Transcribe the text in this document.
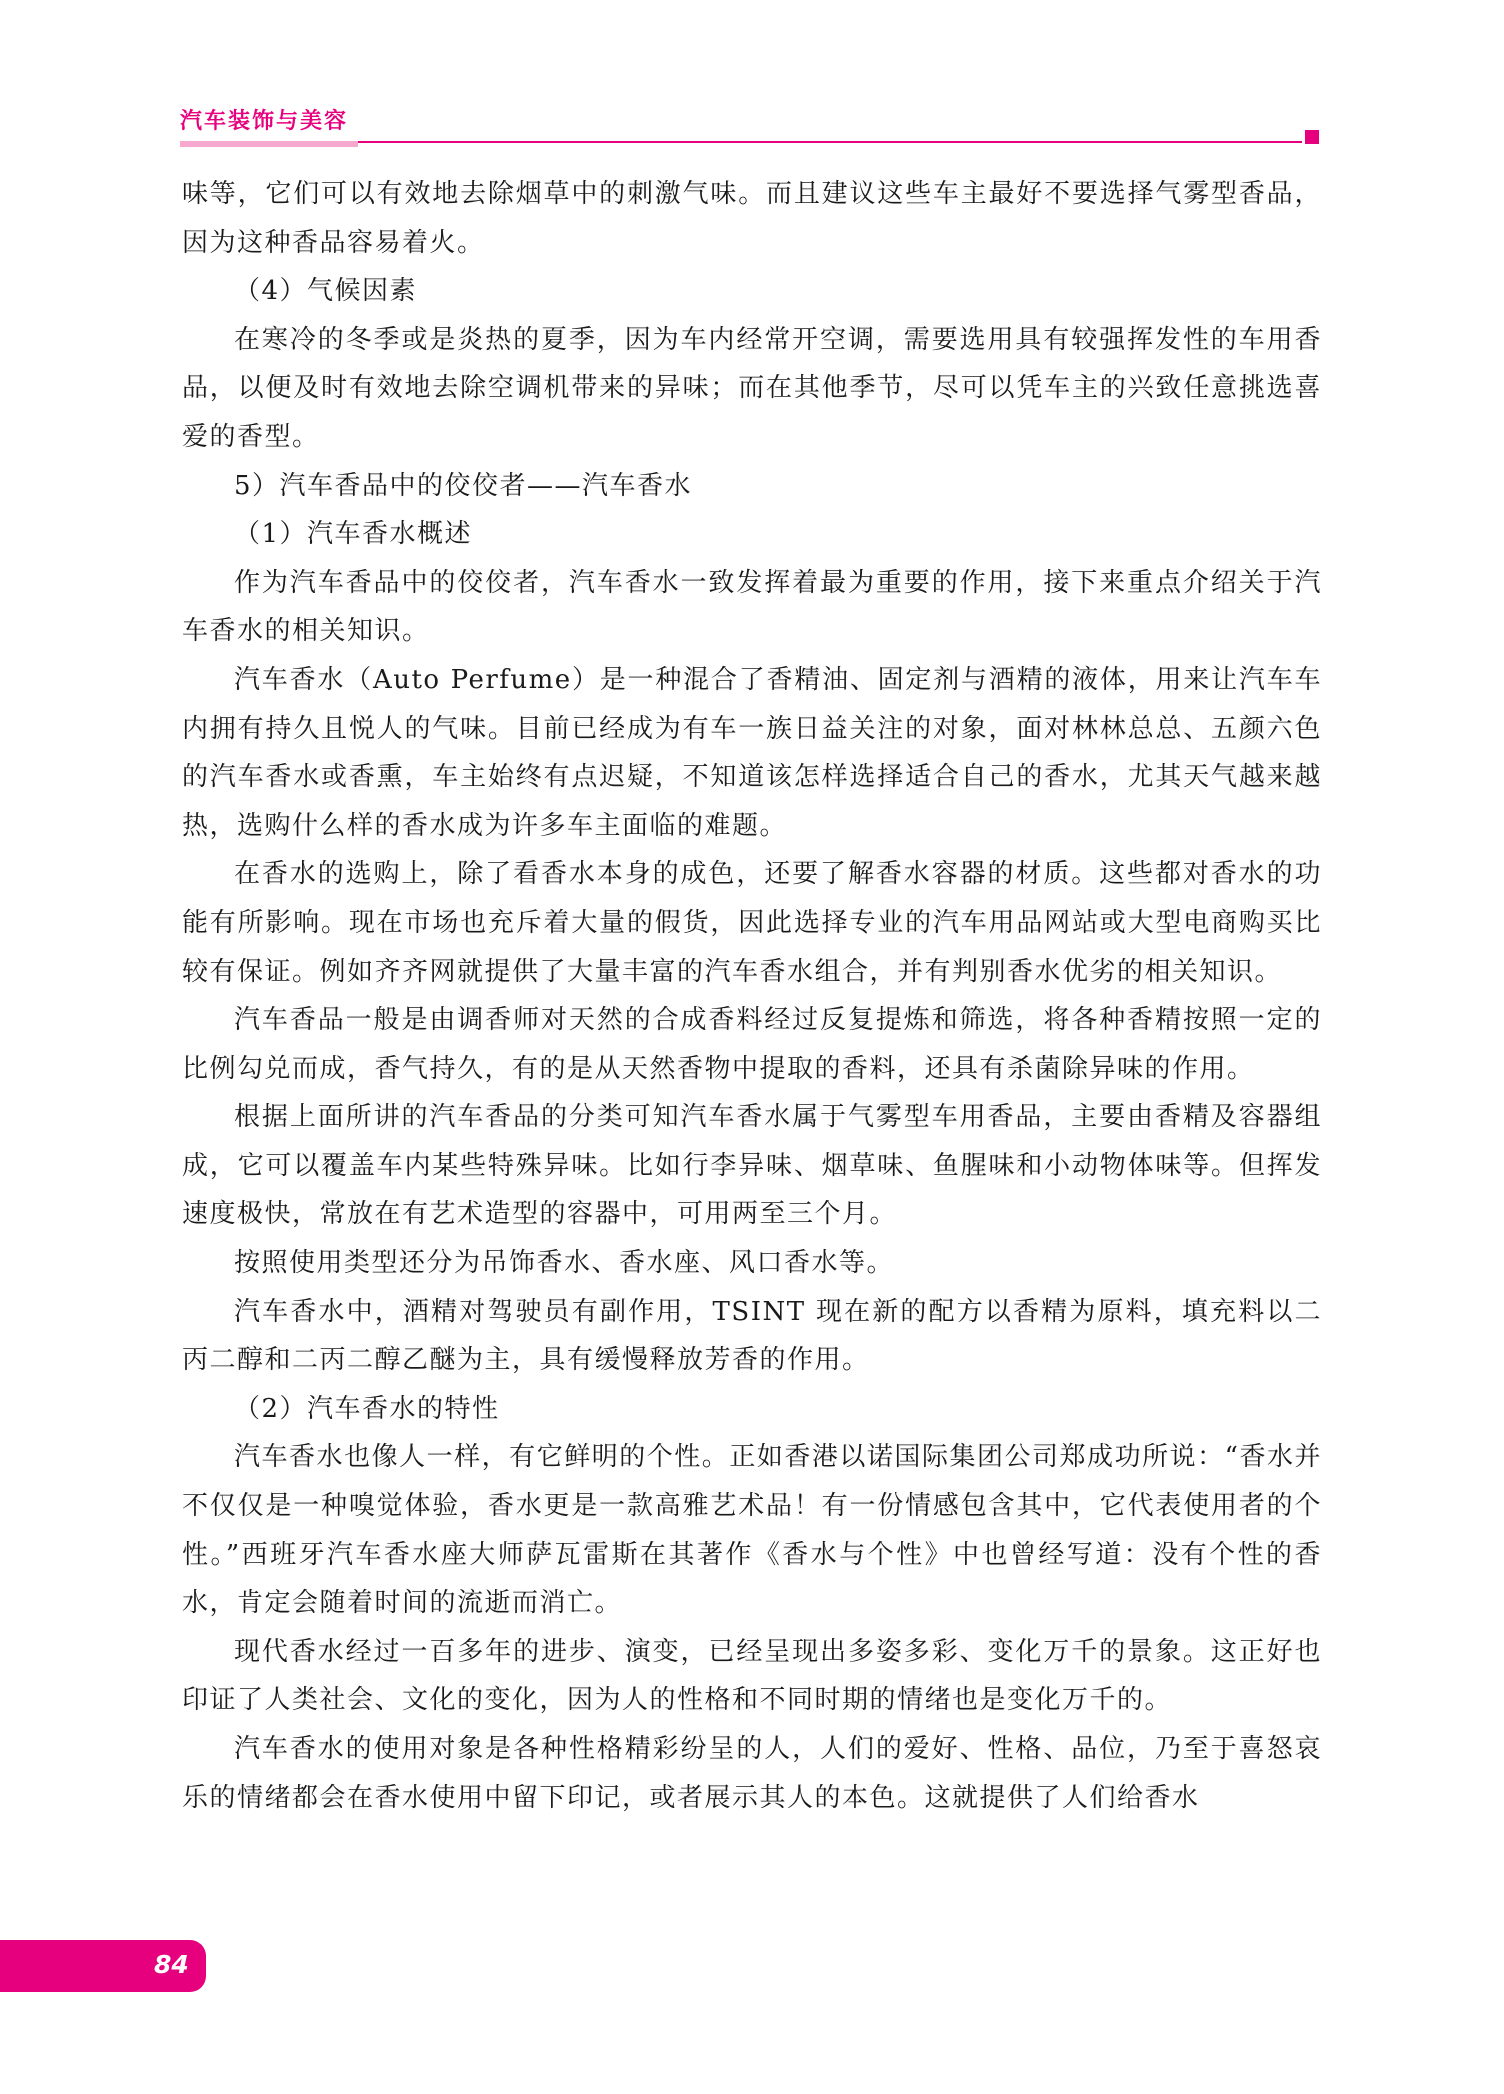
汽车装饰与美容

味等，它们可以有效地去除烟草中的刺激气味。而且建议这些车主最好不要选择气雾型香品，因为这种香品容易着火。

（4）气候因素

在寒冷的冬季或是炎热的夏季，因为车内经常开空调，需要选用具有较强挥发性的车用香品，以便及时有效地去除空调机带来的异味；而在其他季节，尽可以凭车主的兴致任意挑选喜爱的香型。

5）汽车香品中的佼佼者——汽车香水

（1）汽车香水概述

作为汽车香品中的佼佼者，汽车香水一致发挥着最为重要的作用，接下来重点介绍关于汽车香水的相关知识。

汽车香水（Auto Perfume）是一种混合了香精油、固定剂与酒精的液体，用来让汽车车内拥有持久且悦人的气味。目前已经成为有车一族日益关注的对象，面对林林总总、五颜六色的汽车香水或香熏，车主始终有点迟疑，不知道该怎样选择适合自己的香水，尤其天气越来越热，选购什么样的香水成为许多车主面临的难题。

在香水的选购上，除了看香水本身的成色，还要了解香水容器的材质。这些都对香水的功能有所影响。现在市场也充斥着大量的假货，因此选择专业的汽车用品网站或大型电商购买比较有保证。例如齐齐网就提供了大量丰富的汽车香水组合，并有判别香水优劣的相关知识。

汽车香品一般是由调香师对天然的合成香料经过反复提炼和筛选，将各种香精按照一定的比例勾兑而成，香气持久，有的是从天然香物中提取的香料，还具有杀菌除异味的作用。

根据上面所讲的汽车香品的分类可知汽车香水属于气雾型车用香品，主要由香精及容器组成，它可以覆盖车内某些特殊异味。比如行李异味、烟草味、鱼腥味和小动物体味等。但挥发速度极快，常放在有艺术造型的容器中，可用两至三个月。

按照使用类型还分为吊饰香水、香水座、风口香水等。

汽车香水中，酒精对驾驶员有副作用，TSINT 现在新的配方以香精为原料，填充料以二丙二醇和二丙二醇乙醚为主，具有缓慢释放芳香的作用。

（2）汽车香水的特性

汽车香水也像人一样，有它鲜明的个性。正如香港以诺国际集团公司郑成功所说：“香水并不仅仅是一种嗅觉体验，香水更是一款高雅艺术品！有一份情感包含其中，它代表使用者的个性。”西班牙汽车香水座大师萨瓦雷斯在其著作《香水与个性》中也曾经写道：没有个性的香水，肯定会随着时间的流逝而消亡。

现代香水经过一百多年的进步、演变，已经呈现出多姿多彩、变化万千的景象。这正好也印证了人类社会、文化的变化，因为人的性格和不同时期的情绪也是变化万千的。

汽车香水的使用对象是各种性格精彩纷呈的人，人们的爱好、性格、品位，乃至于喜怒哀乐的情绪都会在香水使用中留下印记，或者展示其人的本色。这就提供了人们给香水

84
